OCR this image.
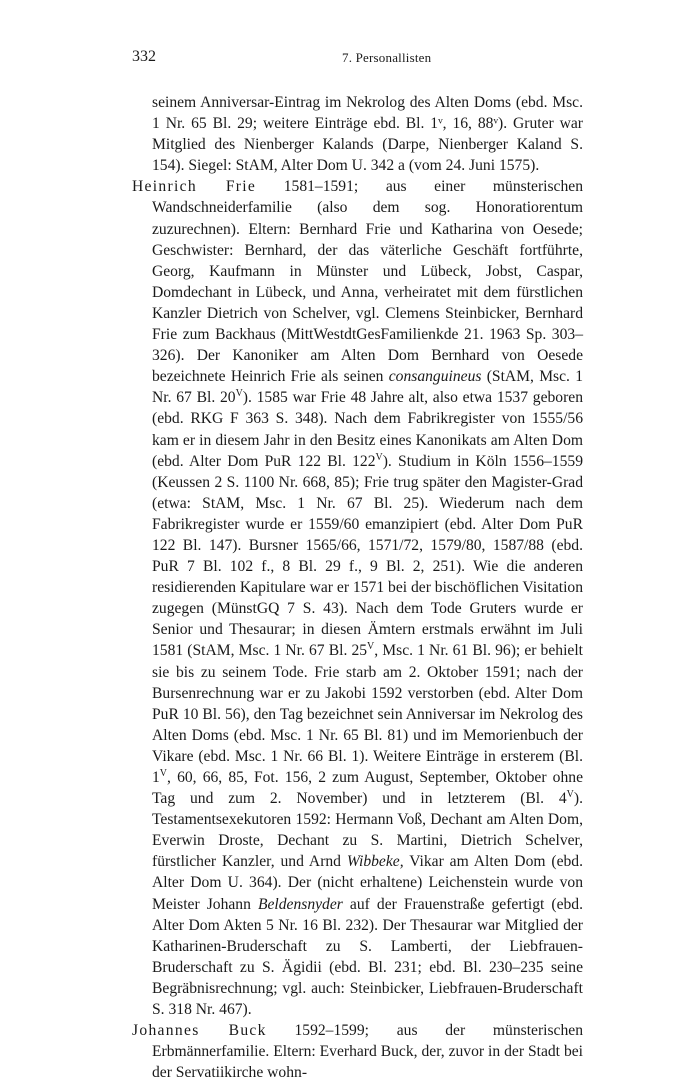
332	7. Personallisten

seinem Anniversar-Eintrag im Nekrolog des Alten Doms (ebd. Msc. 1 Nr. 65 Bl. 29; weitere Einträge ebd. Bl. 1ᵛ, 16, 88ᵛ). Gruter war Mitglied des Nienberger Kalands (Darpe, Nienberger Kaland S. 154). Siegel: StAM, Alter Dom U. 342 a (vom 24. Juni 1575).

Heinrich Frie 1581–1591; aus einer münsterischen Wandschneiderfamilie (also dem sog. Honoratiorentum zuzurechnen). Eltern: Bernhard Frie und Katharina von Oesede; Geschwister: Bernhard, der das väterliche Geschäft fortführte, Georg, Kaufmann in Münster und Lübeck, Jobst, Caspar, Domdechant in Lübeck, und Anna, verheiratet mit dem fürstlichen Kanzler Dietrich von Schelver, vgl. Clemens Steinbicker, Bernhard Frie zum Backhaus (MittWestdtGesFamilienkde 21. 1963 Sp. 303–326). Der Kanoniker am Alten Dom Bernhard von Oesede bezeichnete Heinrich Frie als seinen consanguineus (StAM, Msc. 1 Nr. 67 Bl. $20^V$). 1585 war Frie 48 Jahre alt, also etwa 1537 geboren (ebd. RKG F 363 S. 348). Nach dem Fabrikregister von 1555/56 kam er in diesem Jahr in den Besitz eines Kanonikats am Alten Dom (ebd. Alter Dom PuR 122 Bl. $122^V$). Studium in Köln 1556–1559 (Keussen 2 S. 1100 Nr. 668, 85); Frie trug später den Magister-Grad (etwa: StAM, Msc. 1 Nr. 67 Bl. 25). Wiederum nach dem Fabrikregister wurde er 1559/60 emanzipiert (ebd. Alter Dom PuR 122 Bl. 147). Bursner 1565/66, 1571/72, 1579/80, 1587/88 (ebd. PuR 7 Bl. 102 f., 8 Bl. 29 f., 9 Bl. 2, 251). Wie die anderen residierenden Kapitulare war er 1571 bei der bischöflichen Visitation zugegen (MünstGQ 7 S. 43). Nach dem Tode Gruters wurde er Senior und Thesaurar; in diesen Ämtern erstmals erwähnt im Juli 1581 (StAM, Msc. 1 Nr. 67 Bl. $25^V$, Msc. 1 Nr. 61 Bl. 96); er behielt sie bis zu seinem Tode. Frie starb am 2. Oktober 1591; nach der Bursenrechnung war er zu Jakobi 1592 verstorben (ebd. Alter Dom PuR 10 Bl. 56), den Tag bezeichnet sein Anniversar im Nekrolog des Alten Doms (ebd. Msc. 1 Nr. 65 Bl. 81) und im Memorienbuch der Vikare (ebd. Msc. 1 Nr. 66 Bl. 1). Weitere Einträge in ersterem (Bl. $1^V$, 60, 66, 85, Fot. 156, 2 zum August, September, Oktober ohne Tag und zum 2. November) und in letzterem (Bl. $4^V$). Testamentsexekutoren 1592: Hermann Voß, Dechant am Alten Dom, Everwin Droste, Dechant zu S. Martini, Dietrich Schelver, fürstlicher Kanzler, und Arnd Wibbeke, Vikar am Alten Dom (ebd. Alter Dom U. 364). Der (nicht erhaltene) Leichenstein wurde von Meister Johann Beldensnyder auf der Frauenstraße gefertigt (ebd. Alter Dom Akten 5 Nr. 16 Bl. 232). Der Thesaurar war Mitglied der Katharinen-Bruderschaft zu S. Lamberti, der Liebfrauen-Bruderschaft zu S. Ägidii (ebd. Bl. 231; ebd. Bl. 230–235 seine Begräbnisrechnung; vgl. auch: Steinbicker, Liebfrauen-Bruderschaft S. 318 Nr. 467).

Johannes Buck 1592–1599; aus der münsterischen Erbmännerfamilie. Eltern: Everhard Buck, der, zuvor in der Stadt bei der Servatiikirche wohn-
